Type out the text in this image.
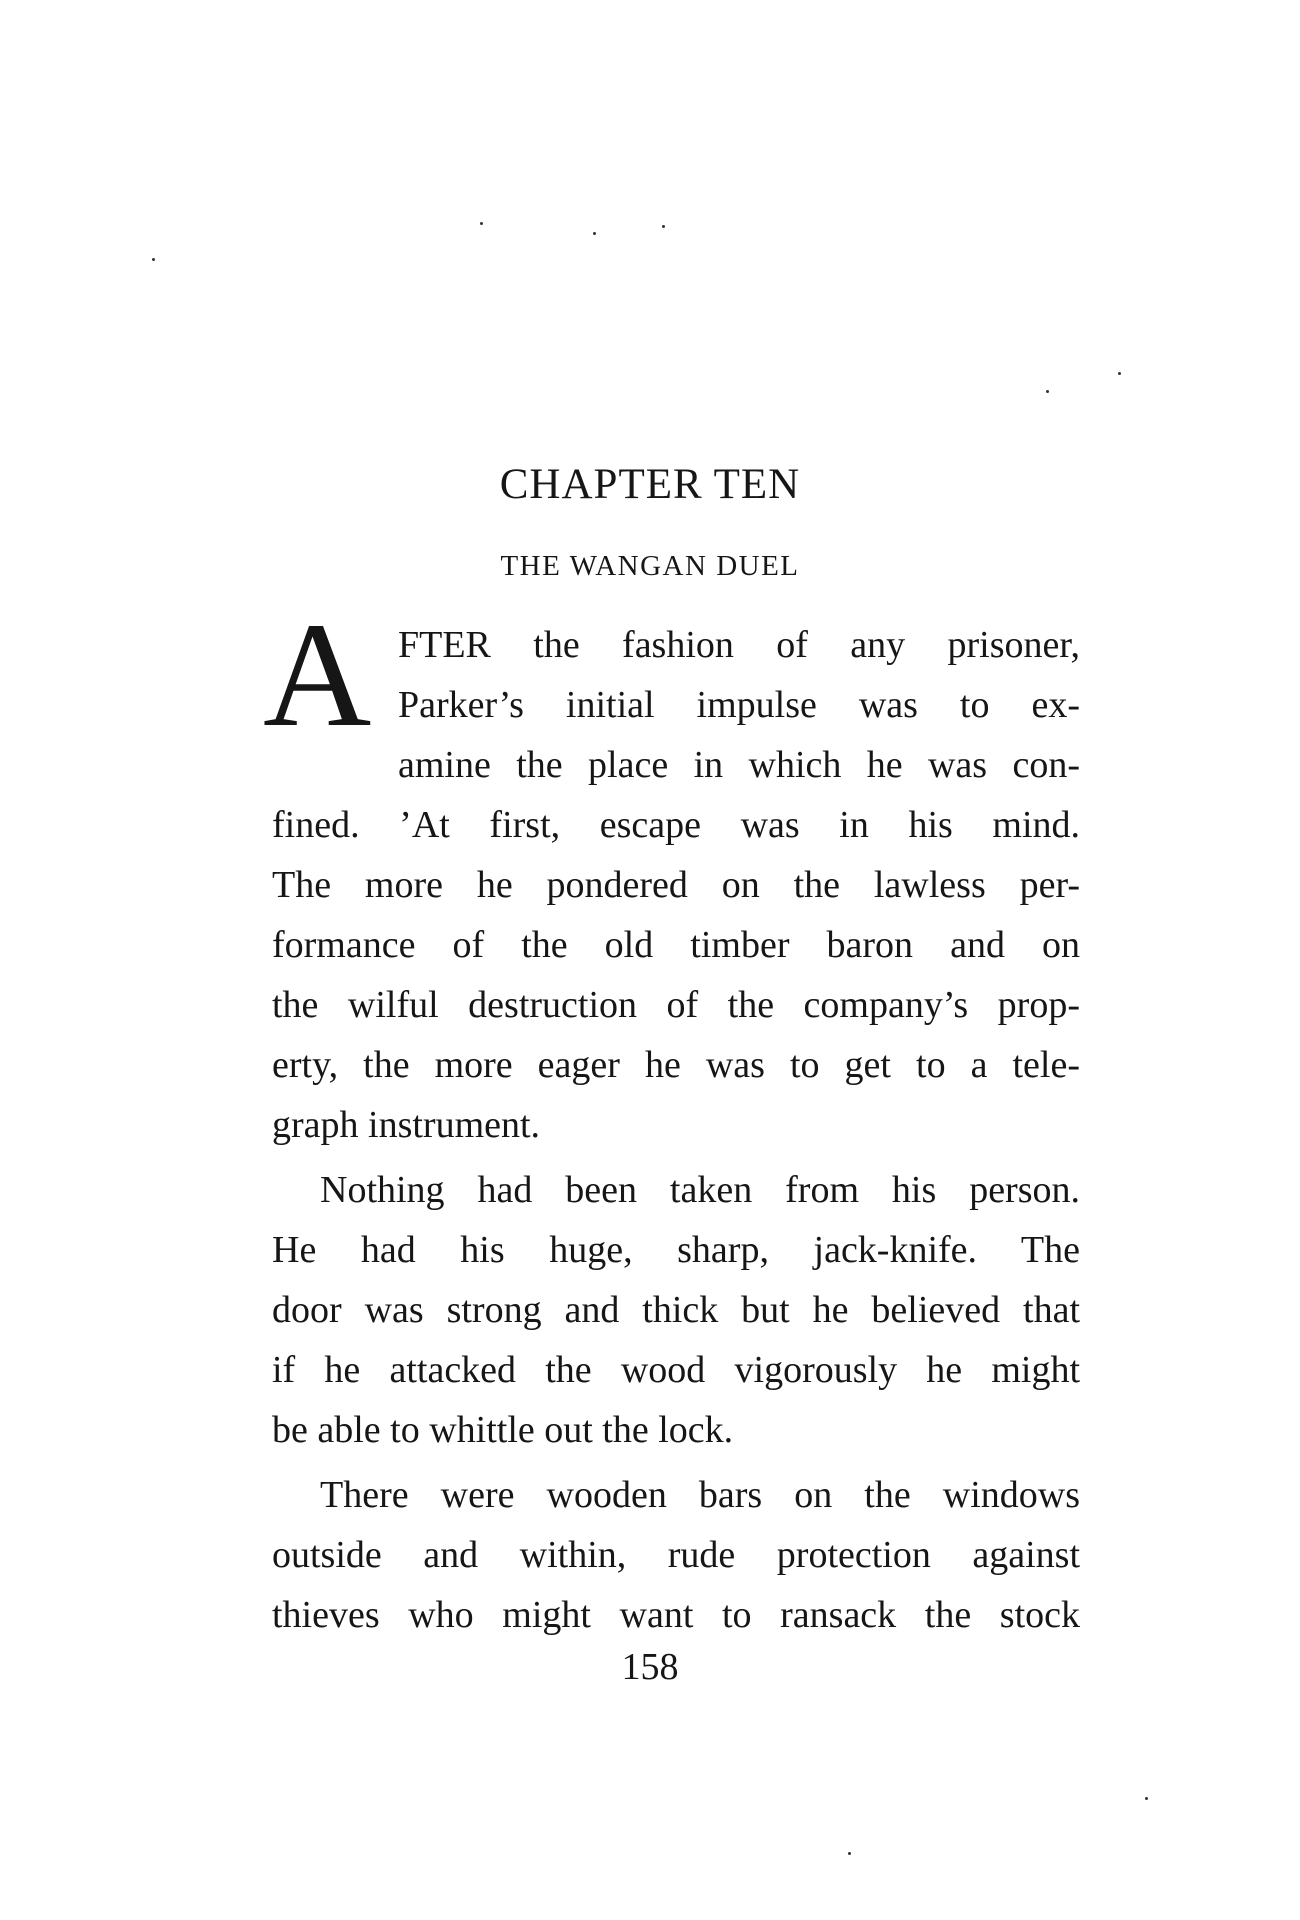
CHAPTER TEN
THE WANGAN DUEL
A FTER the fashion of any prisoner,

Parker’s initial impulse was to ex-

amine the place in which he was con-

fined. ’At first, escape was in his mind.

The more he pondered on the lawless per-

formance of the old timber baron and on

the wilful destruction of the company’s prop-

erty, the more eager he was to get to a tele-

graph instrument.

Nothing had been taken from his person.

He had his huge, sharp, jack-knife. The

door was strong and thick but he believed that

if he attacked the wood vigorously he might

be able to whittle out the lock.

There were wooden bars on the windows

outside and within, rude protection against

thieves who might want to ransack the stock

158
